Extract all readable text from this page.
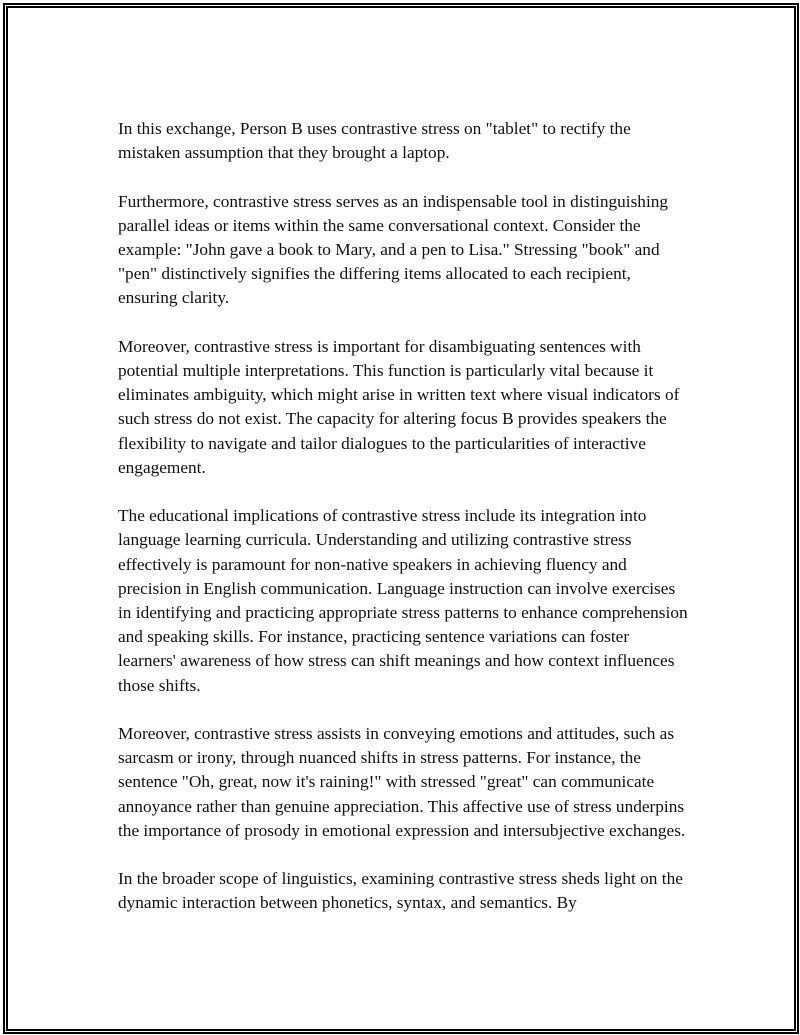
In this exchange, Person B uses contrastive stress on "tablet" to rectify the mistaken assumption that they brought a laptop.

Furthermore, contrastive stress serves as an indispensable tool in distinguishing parallel ideas or items within the same conversational context. Consider the example: "John gave a book to Mary, and a pen to Lisa." Stressing "book" and "pen" distinctively signifies the differing items allocated to each recipient, ensuring clarity.

Moreover, contrastive stress is important for disambiguating sentences with potential multiple interpretations. This function is particularly vital because it eliminates ambiguity, which might arise in written text where visual indicators of such stress do not exist. The capacity for altering focus B provides speakers the flexibility to navigate and tailor dialogues to the particularities of interactive engagement.

The educational implications of contrastive stress include its integration into language learning curricula. Understanding and utilizing contrastive stress effectively is paramount for non-native speakers in achieving fluency and precision in English communication. Language instruction can involve exercises in identifying and practicing appropriate stress patterns to enhance comprehension and speaking skills. For instance, practicing sentence variations can foster learners' awareness of how stress can shift meanings and how context influences those shifts.

Moreover, contrastive stress assists in conveying emotions and attitudes, such as sarcasm or irony, through nuanced shifts in stress patterns. For instance, the sentence "Oh, great, now it's raining!" with stressed "great" can communicate annoyance rather than genuine appreciation. This affective use of stress underpins the importance of prosody in emotional expression and intersubjective exchanges.

In the broader scope of linguistics, examining contrastive stress sheds light on the dynamic interaction between phonetics, syntax, and semantics. By
